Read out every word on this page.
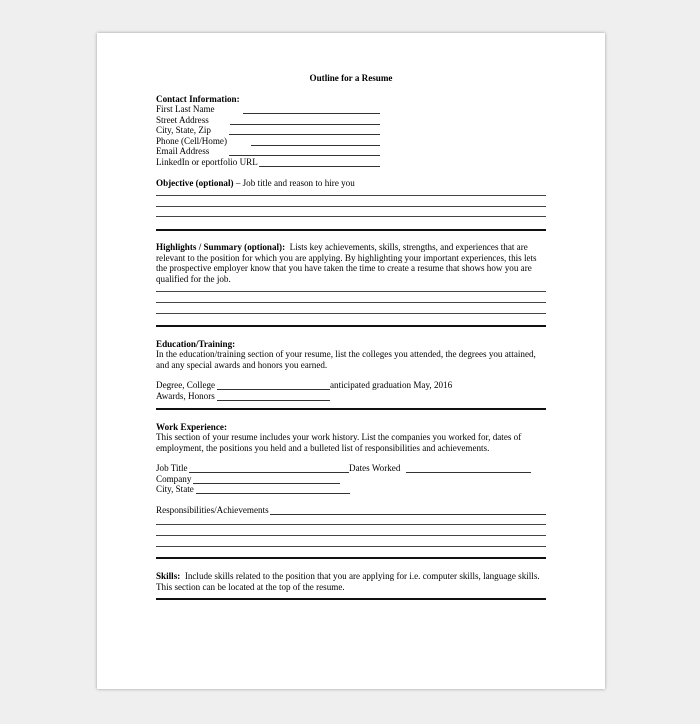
Outline for a Resume
Contact Information:
First Last Name
Street Address
City, State, Zip
Phone (Cell/Home)
Email Address
LinkedIn or eportfolio URL
Objective (optional) – Job title and reason to hire you
Highlights / Summary (optional): Lists key achievements, skills, strengths, and experiences that are
relevant to the position for which you are applying. By highlighting your important experiences, this lets
the prospective employer know that you have taken the time to create a resume that shows how you are
qualified for the job.
Education/Training:
In the education/training section of your resume, list the colleges you attended, the degrees you attained,
and any special awards and honors you earned.
Degree, College	anticipated graduation May, 2016
Awards, Honors
Work Experience:
This section of your resume includes your work history. List the companies you worked for, dates of
employment, the positions you held and a bulleted list of responsibilities and achievements.
Job Title	Dates Worked
Company
City, State
Responsibilities/Achievements
Skills:  Include skills related to the position that you are applying for i.e. computer skills, language skills.
This section can be located at the top of the resume.
